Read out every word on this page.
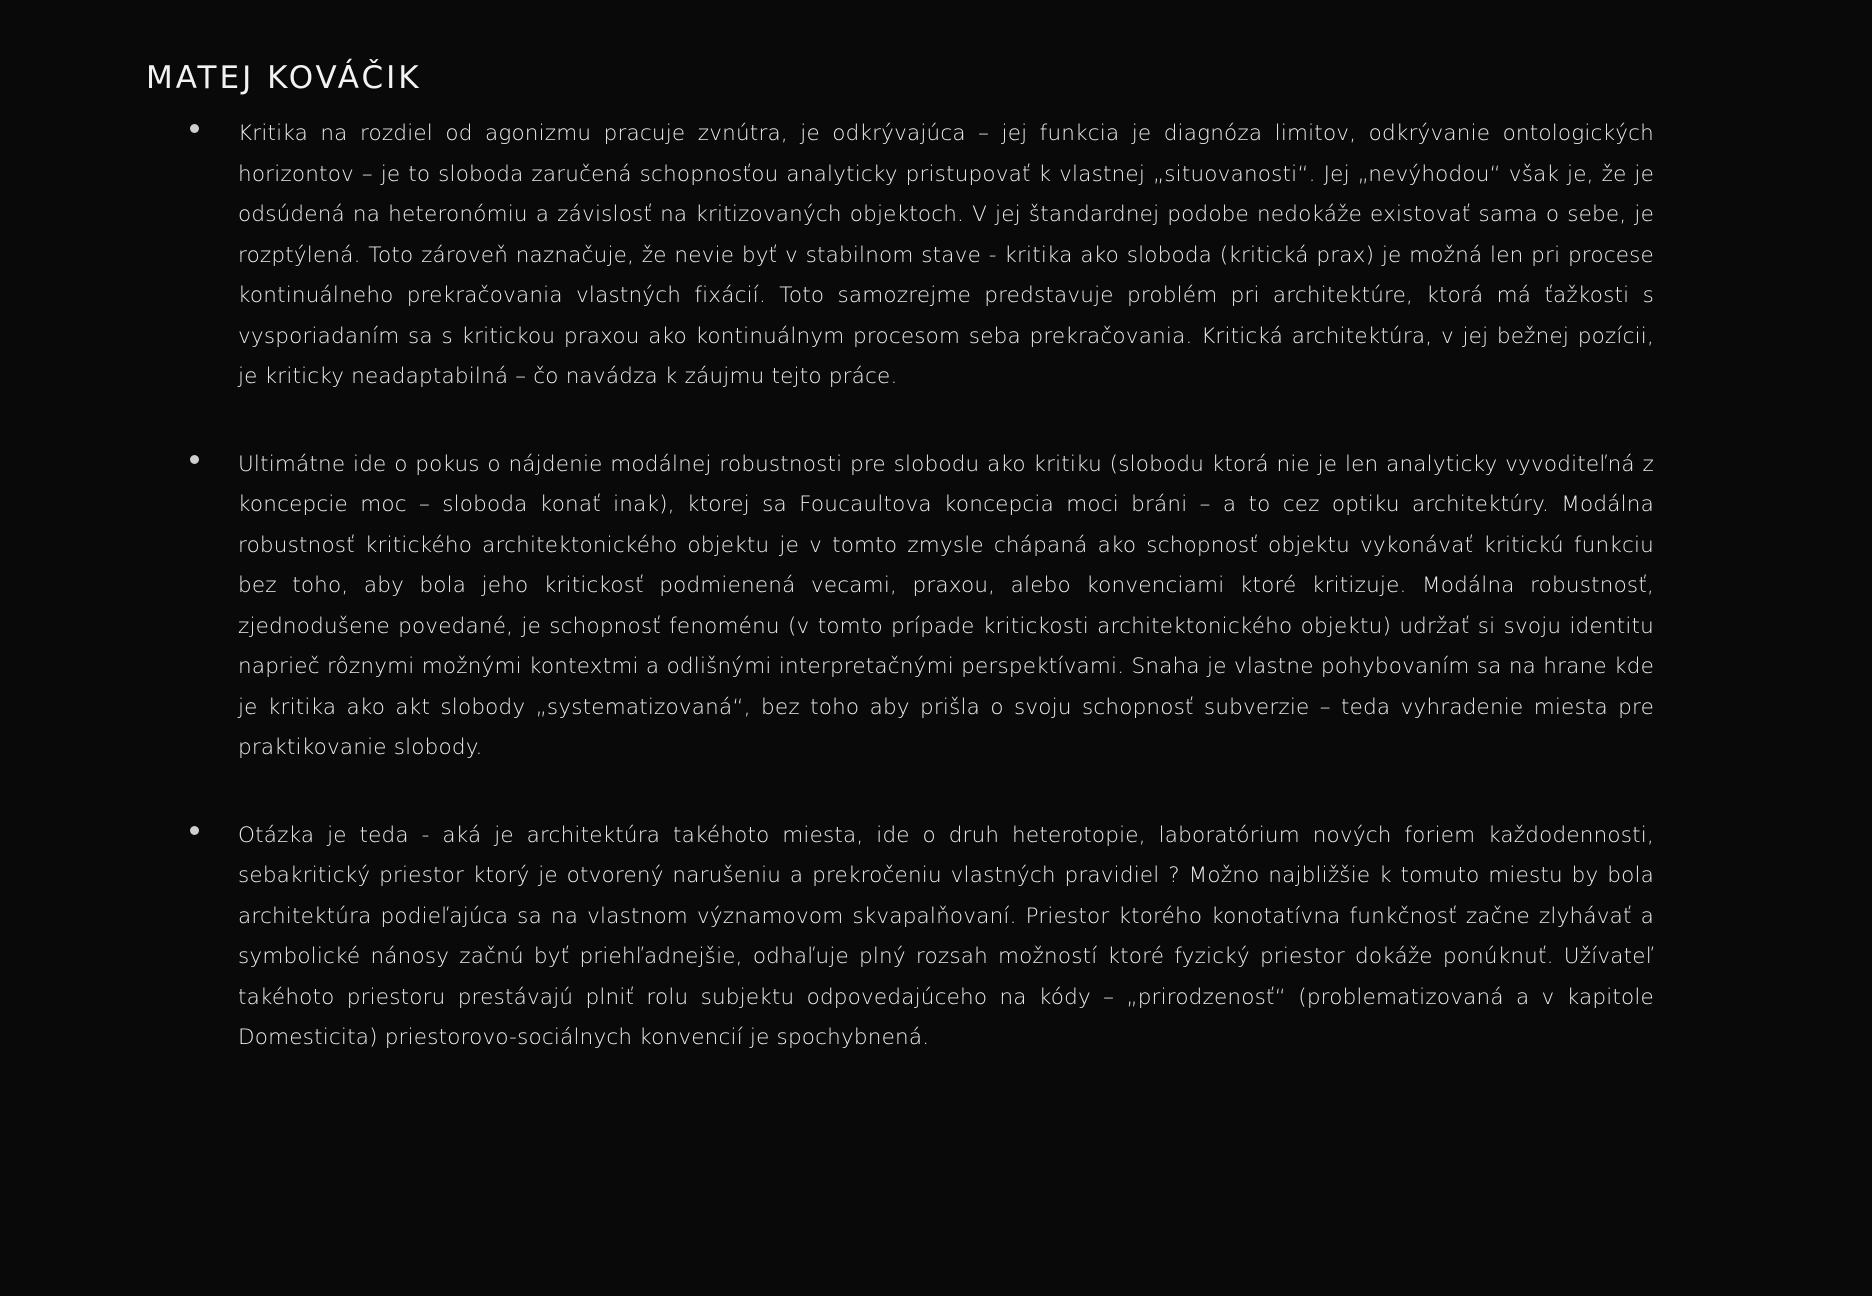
MATEJ KOVÁČIK

Kritika na rozdiel od agonizmu pracuje zvnútra, je odkrývajúca – jej funkcia je diagnóza limitov, odkrývanie ontologických horizontov – je to sloboda zaručená schopnosťou analyticky pristupovať k vlastnej „situovanosti“. Jej „nevýhodou“ však je, že je odsúdená na heteronómiu a závislosť na kritizovaných objektoch. V jej štandardnej podobe nedokáže existovať sama o sebe, je rozptýlená. Toto zároveň naznačuje, že nevie byť v stabilnom stave - kritika ako sloboda (kritická prax) je možná len pri procese kontinuálneho prekračovania vlastných fixácií. Toto samozrejme predstavuje problém pri architektúre, ktorá má ťažkosti s vysporiadaním sa s kritickou praxou ako kontinuálnym procesom seba prekračovania. Kritická architektúra, v jej bežnej pozícii, je kriticky neadaptabilná – čo navádza k záujmu tejto práce.

Ultimátne ide o pokus o nájdenie modálnej robustnosti pre slobodu ako kritiku (slobodu ktorá nie je len analyticky vyvoditeľná z koncepcie moc – sloboda konať inak), ktorej sa Foucaultova koncepcia moci bráni – a to cez optiku architektúry. Modálna robustnosť kritického architektonického objektu je v tomto zmysle chápaná ako schopnosť objektu vykonávať kritickú funkciu bez toho, aby bola jeho kritickosť podmienená vecami, praxou, alebo konvenciami ktoré kritizuje. Modálna robustnosť, zjednodušene povedané, je schopnosť fenoménu (v tomto prípade kritickosti architektonického objektu) udržať si svoju identitu naprieč rôznymi možnými kontextmi a odlišnými interpretačnými perspektívami. Snaha je vlastne pohybovaním sa na hrane kde je kritika ako akt slobody „systematizovaná“, bez toho aby prišla o svoju schopnosť subverzie – teda vyhradenie miesta pre praktikovanie slobody.

Otázka je teda - aká je architektúra takéhoto miesta, ide o druh heterotopie, laboratórium nových foriem každodennosti, sebakritický priestor ktorý je otvorený narušeniu a prekročeniu vlastných pravidiel ? Možno najbližšie k tomuto miestu by bola architektúra podieľajúca sa na vlastnom významovom skvapalňovaní. Priestor ktorého konotatívna funkčnosť začne zlyhávať a symbolické nánosy začnú byť priehľadnejšie, odhaľuje plný rozsah možností ktoré fyzický priestor dokáže ponúknuť. Užívateľ takéhoto priestoru prestávajú plniť rolu subjektu odpovedajúceho na kódy – „prirodzenosť“ (problematizovaná a v kapitole Domesticita) priestorovo-sociálnych konvencií je spochybnená.
